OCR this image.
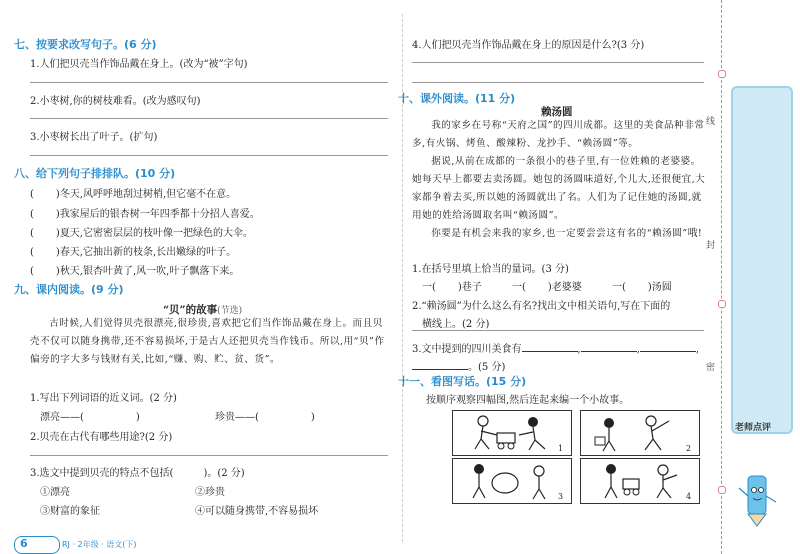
七、按要求改写句子。(6 分)
1.人们把贝壳当作饰品戴在身上。(改为“被”字句)
2.小枣树,你的树枝难看。(改为感叹句)
3.小枣树长出了叶子。(扩句)
八、给下列句子排排队。(10 分)
( )冬天,风呼呼地刮过树梢,但它毫不在意。
( )我家屋后的银杏树一年四季都十分招人喜爱。
( )夏天,它密密层层的枝叶像一把绿色的大伞。
( )春天,它抽出新的枝条,长出嫩绿的叶子。
( )秋天,银杏叶黄了,风一吹,叶子飘落下来。
九、课内阅读。(9 分)
“贝”的故事(节选)
古时候,人们觉得贝壳很漂亮,很珍贵,喜欢把它们当作饰品戴在身上。而且贝壳不仅可以随身携带,还不容易损坏,于是古人还把贝壳当作钱币。所以,用“贝”作偏旁的字大多与钱财有关,比如,“赚、购、贮、贫、货”。
1.写出下列词语的近义词。(2 分)
漂亮——(	)	珍贵——(	)
2.贝壳在古代有哪些用途?(2 分)
3.选文中提到贝壳的特点不包括(	)。(2 分)
①漂亮	②珍贵
③财富的象征	④可以随身携带,不容易损坏
6	RJ · 2年级 · 语文(下)
4.人们把贝壳当作饰品戴在身上的原因是什么?(3 分)
十、课外阅读。(11 分)
赖汤圆
我的家乡在号称“天府之国”的四川成都。这里的美食品种非常多,有火锅、烤鱼、酸辣粉、龙抄手、“赖汤圆”等。
据说,从前在成都的一条很小的巷子里,有一位姓赖的老婆婆。她每天早上都要去卖汤圆。她包的汤圆味道好,个儿大,还很便宜,大家都争着去买,所以她的汤圆就出了名。人们为了记住她的汤圆,就用她的姓给汤圆取名叫“赖汤圆”。
你要是有机会来我的家乡,也一定要尝尝这有名的“赖汤圆”哦!
1.在括号里填上恰当的量词。(3 分)
一( )巷子	一( )老婆婆	一( )汤圆
2.“赖汤圆”为什么这么有名?找出文中相关语句,写在下面的
横线上。(2 分)
3.文中提到的四川美食有	,	,	,
。(5 分)
十一、看图写话。(15 分)
按顺序观察四幅图,然后连起来编一个小故事。
1	2
3	4
线
封
密
老师点评
